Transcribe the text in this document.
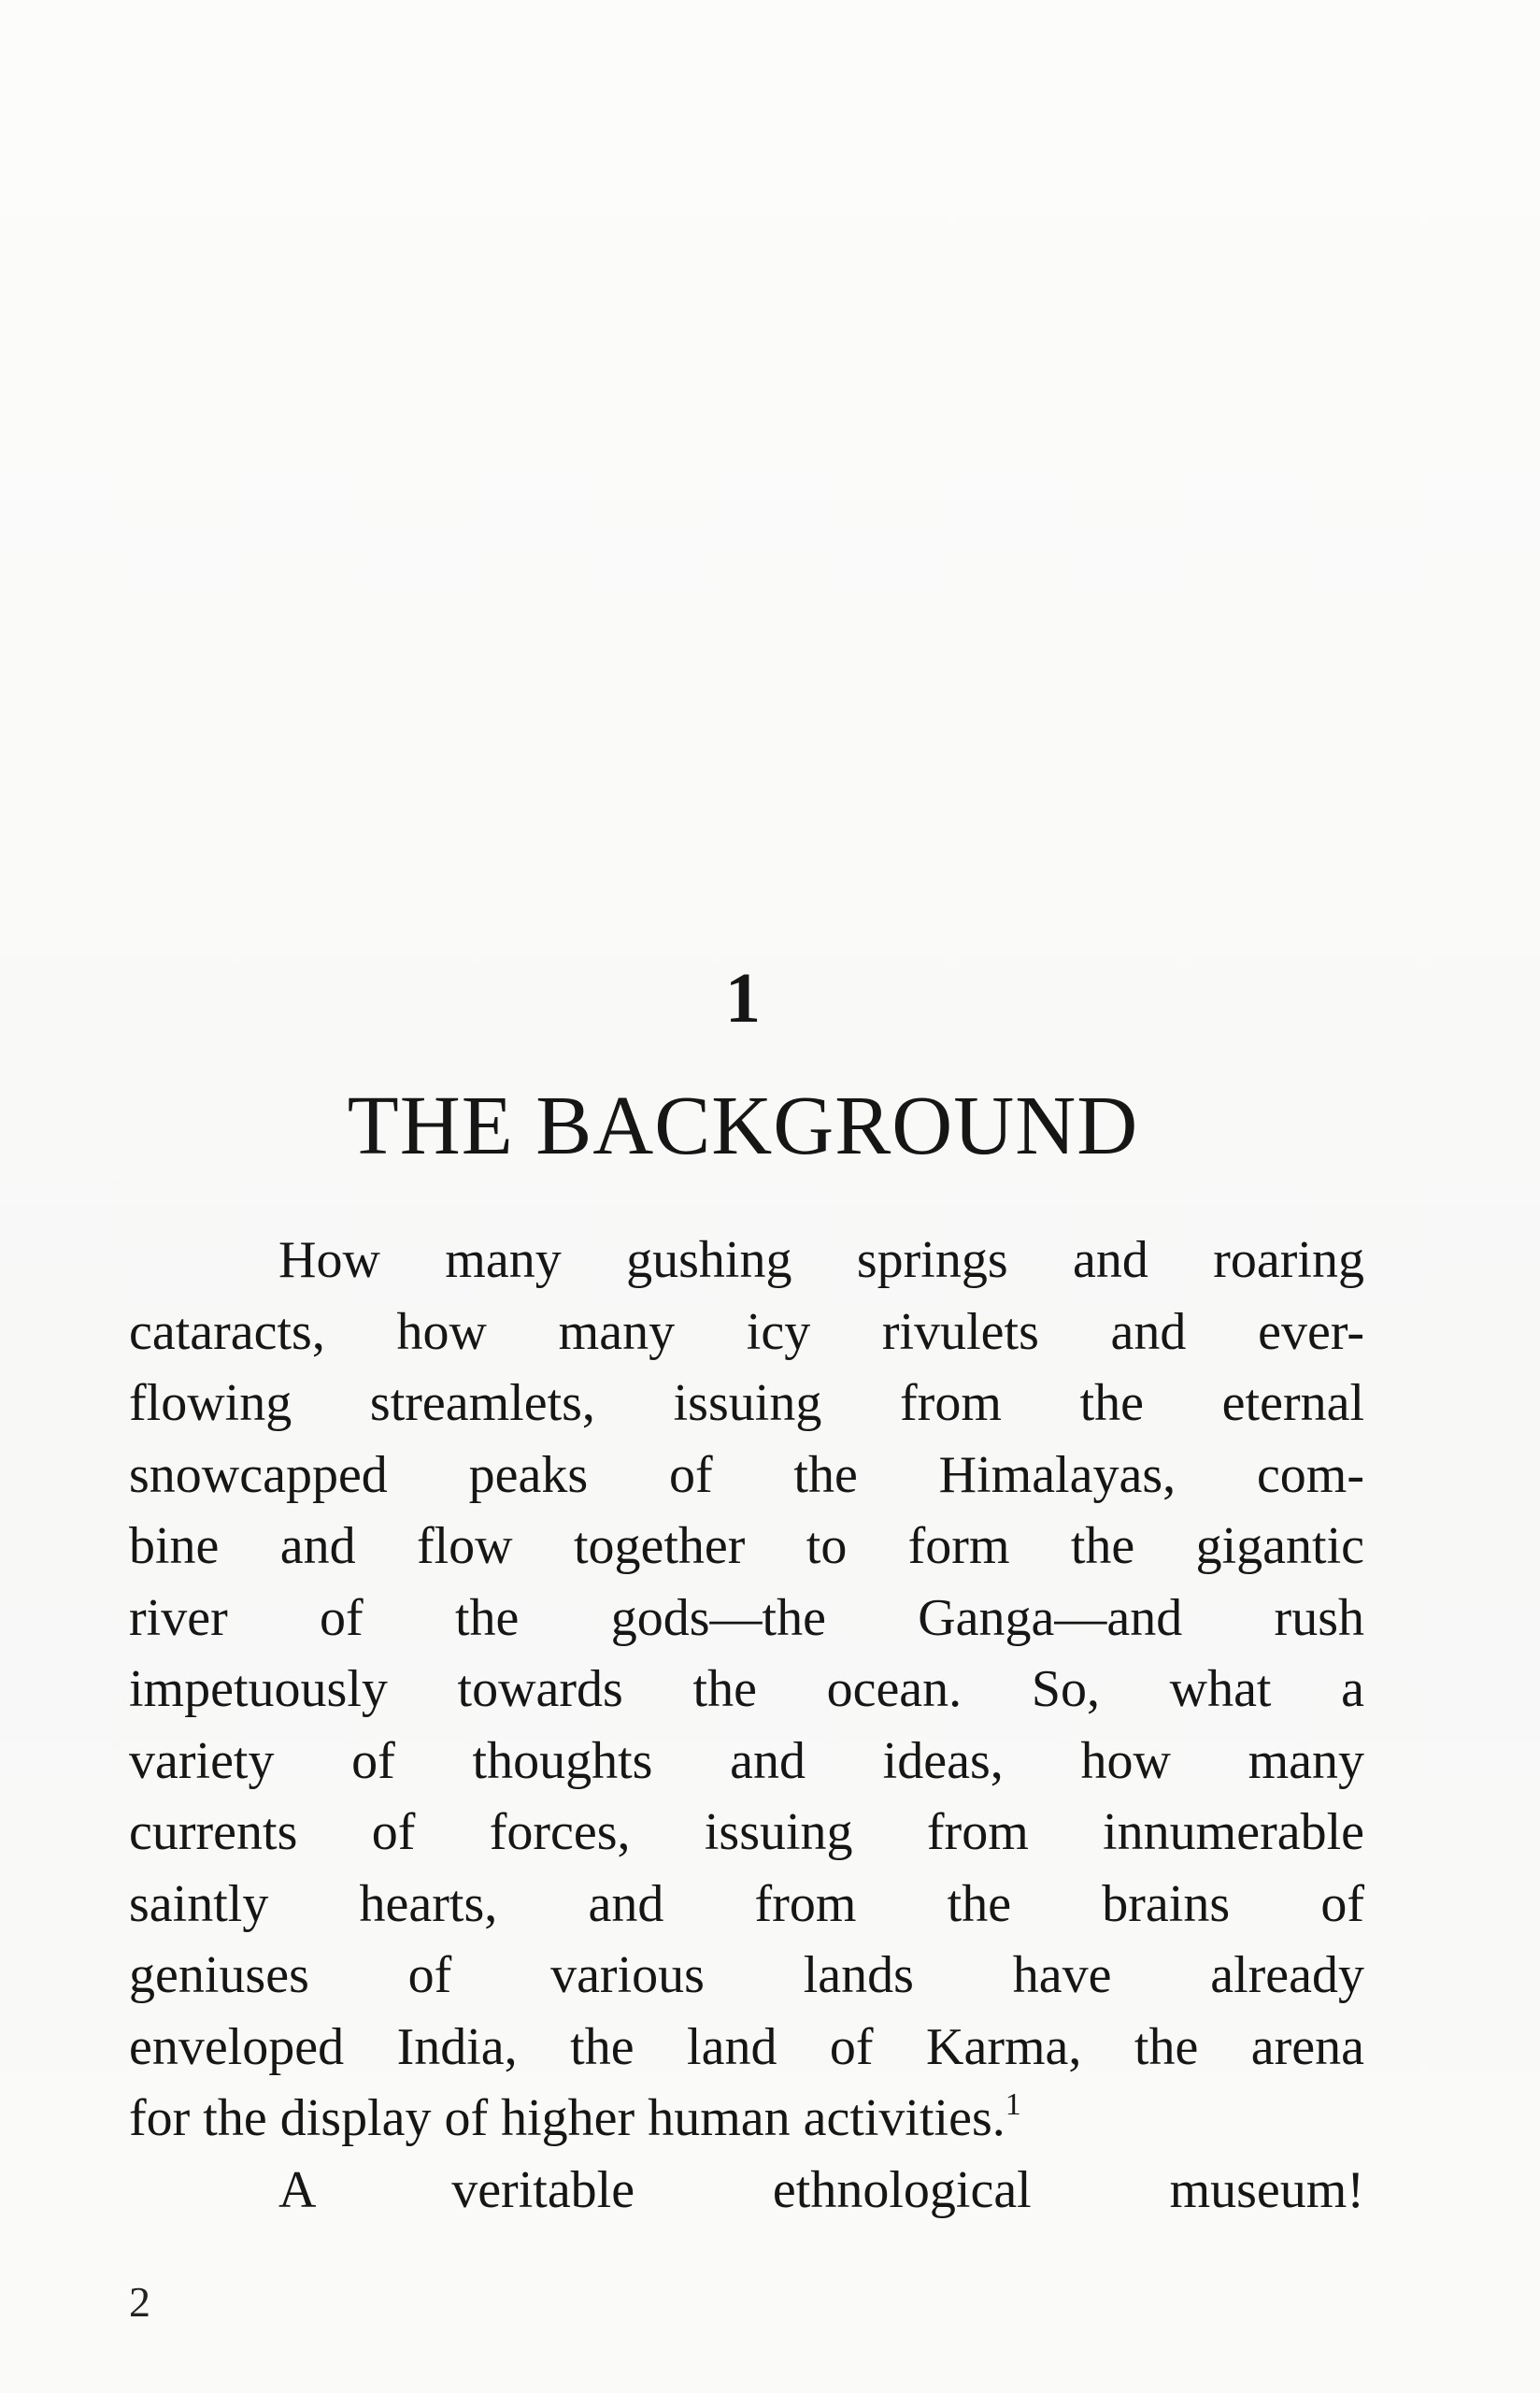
1
THE BACKGROUND
How many gushing springs and roaring
cataracts, how many icy rivulets and ever-
flowing streamlets, issuing from the eternal
snowcapped peaks of the Himalayas, com-
bine and flow together to form the gigantic
river of the gods—the Ganga—and rush
impetuously towards the ocean. So, what a
variety of thoughts and ideas, how many
currents of forces, issuing from innumerable
saintly hearts, and from the brains of
geniuses of various lands have already
enveloped India, the land of Karma, the arena
for the display of higher human activities.$^1$
A veritable ethnological museum!
2
